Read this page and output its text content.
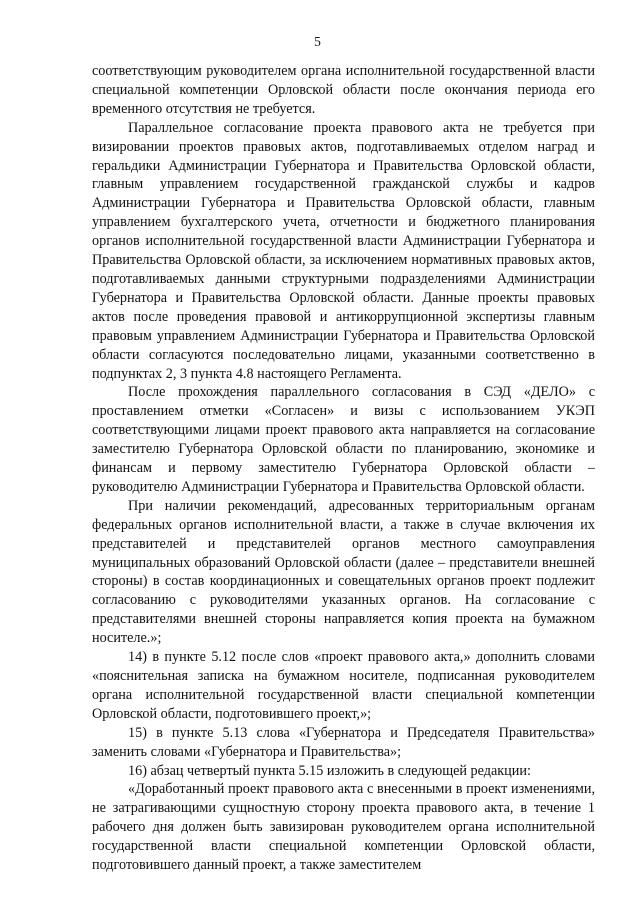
5

соответствующим руководителем органа исполнительной государственной власти специальной компетенции Орловской области после окончания периода его временного отсутствия не требуется.

Параллельное согласование проекта правового акта не требуется при визировании проектов правовых актов, подготавливаемых отделом наград и геральдики Администрации Губернатора и Правительства Орловской области, главным управлением государственной гражданской службы и кадров Администрации Губернатора и Правительства Орловской области, главным управлением бухгалтерского учета, отчетности и бюджетного планирования органов исполнительной государственной власти Администрации Губернатора и Правительства Орловской области, за исключением нормативных правовых актов, подготавливаемых данными структурными подразделениями Администрации Губернатора и Правительства Орловской области. Данные проекты правовых актов после проведения правовой и антикоррупционной экспертизы главным правовым управлением Администрации Губернатора и Правительства Орловской области согласуются последовательно лицами, указанными соответственно в подпунктах 2, 3 пункта 4.8 настоящего Регламента.

После прохождения параллельного согласования в СЭД «ДЕЛО» с проставлением отметки «Согласен» и визы с использованием УКЭП соответствующими лицами проект правового акта направляется на согласование заместителю Губернатора Орловской области по планированию, экономике и финансам и первому заместителю Губернатора Орловской области – руководителю Администрации Губернатора и Правительства Орловской области.

При наличии рекомендаций, адресованных территориальным органам федеральных органов исполнительной власти, а также в случае включения их представителей и представителей органов местного самоуправления муниципальных образований Орловской области (далее – представители внешней стороны) в состав координационных и совещательных органов проект подлежит согласованию с руководителями указанных органов. На согласование с представителями внешней стороны направляется копия проекта на бумажном носителе.»;

14) в пункте 5.12 после слов «проект правового акта,» дополнить словами «пояснительная записка на бумажном носителе, подписанная руководителем органа исполнительной государственной власти специальной компетенции Орловской области, подготовившего проект,»;

15) в пункте 5.13 слова «Губернатора и Председателя Правительства» заменить словами «Губернатора и Правительства»;

16) абзац четвертый пункта 5.15 изложить в следующей редакции:

«Доработанный проект правового акта с внесенными в проект изменениями, не затрагивающими сущностную сторону проекта правового акта, в течение 1 рабочего дня должен быть завизирован руководителем органа исполнительной государственной власти специальной компетенции Орловской области, подготовившего данный проект, а также заместителем
